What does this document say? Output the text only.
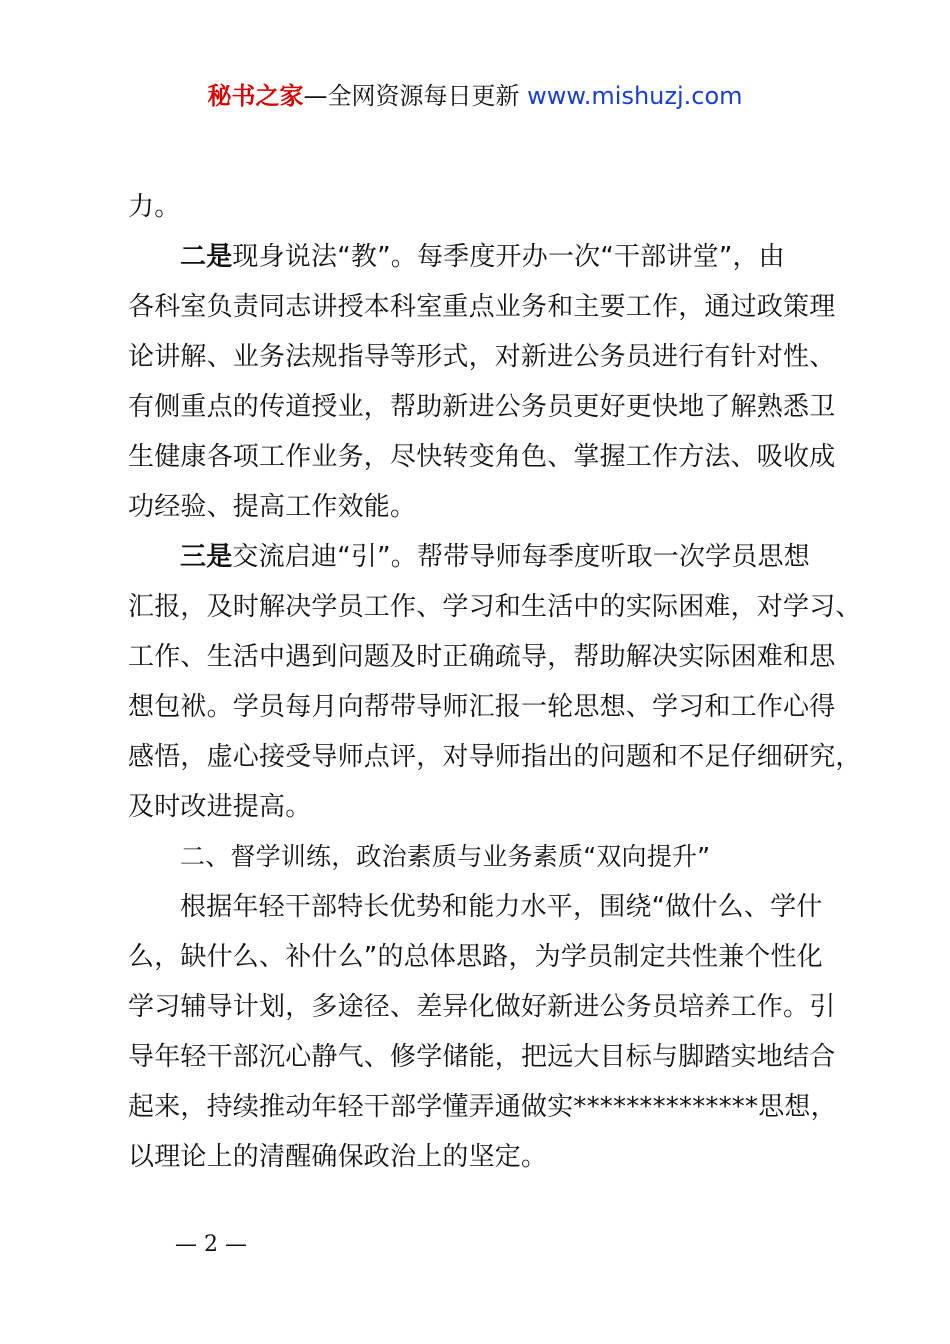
秘书之家—全网资源每日更新 www.mishuzj.com
力。
二是现身说法“教”。每季度开办一次“干部讲堂”，由
各科室负责同志讲授本科室重点业务和主要工作，通过政策理
论讲解、业务法规指导等形式，对新进公务员进行有针对性、
有侧重点的传道授业，帮助新进公务员更好更快地了解熟悉卫
生健康各项工作业务，尽快转变角色、掌握工作方法、吸收成
功经验、提高工作效能。
三是交流启迪“引”。帮带导师每季度听取一次学员思想
汇报，及时解决学员工作、学习和生活中的实际困难，对学习、
工作、生活中遇到问题及时正确疏导，帮助解决实际困难和思
想包袱。学员每月向帮带导师汇报一轮思想、学习和工作心得
感悟，虚心接受导师点评，对导师指出的问题和不足仔细研究，
及时改进提高。
二、督学训练，政治素质与业务素质“双向提升”
根据年轻干部特长优势和能力水平，围绕“做什么、学什
么，缺什么、补什么”的总体思路，为学员制定共性兼个性化
学习辅导计划，多途径、差异化做好新进公务员培养工作。引
导年轻干部沉心静气、修学储能，把远大目标与脚踏实地结合
起来，持续推动年轻干部学懂弄通做实**************思想，
以理论上的清醒确保政治上的坚定。
— 2 —
